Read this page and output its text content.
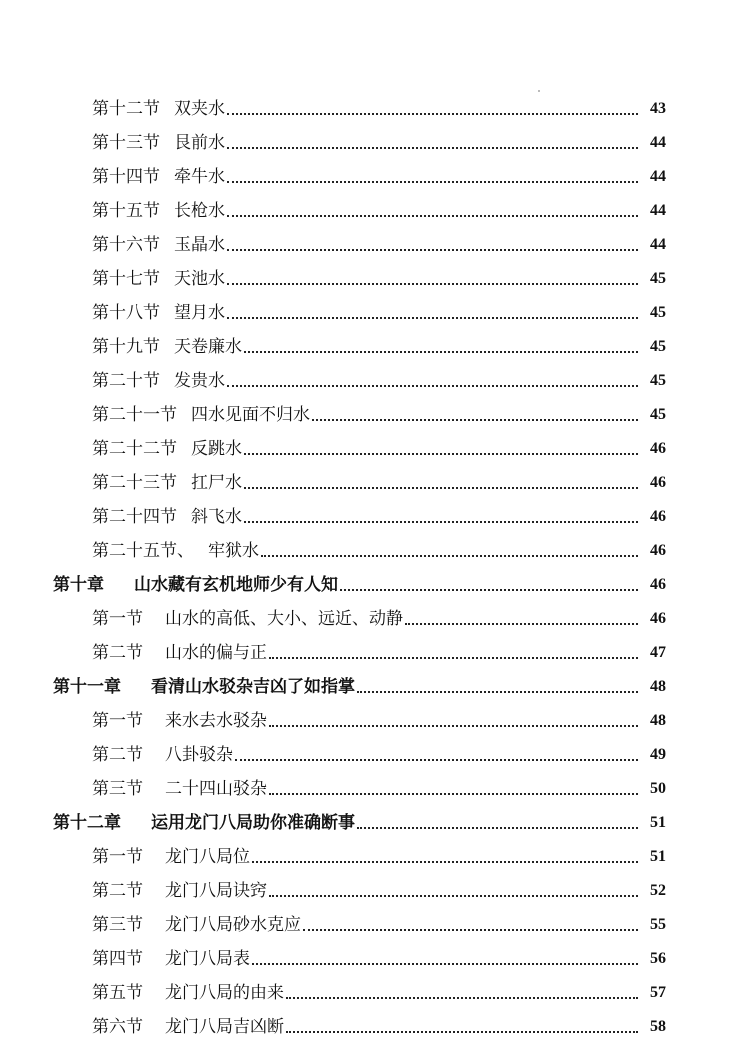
第十二节 双夹水	43
第十三节 艮前水	44
第十四节 牵牛水	44
第十五节 长枪水	44
第十六节 玉晶水	44
第十七节 天池水	45
第十八节 望月水	45
第十九节 天卷廉水	45
第二十节 发贵水	45
第二十一节 四水见面不归水	45
第二十二节 反跳水	46
第二十三节 扛尸水	46
第二十四节 斜飞水	46
第二十五节、 牢狱水	46
第十章 山水藏有玄机地师少有人知	46
第一节 山水的高低、大小、远近、动静	46
第二节 山水的偏与正	47
第十一章 看清山水驳杂吉凶了如指掌	48
第一节 来水去水驳杂	48
第二节 八卦驳杂	49
第三节 二十四山驳杂	50
第十二章 运用龙门八局助你准确断事	51
第一节 龙门八局位	51
第二节 龙门八局诀窍	52
第三节 龙门八局砂水克应	55
第四节 龙门八局表	56
第五节 龙门八局的由来	57
第六节 龙门八局吉凶断	58
